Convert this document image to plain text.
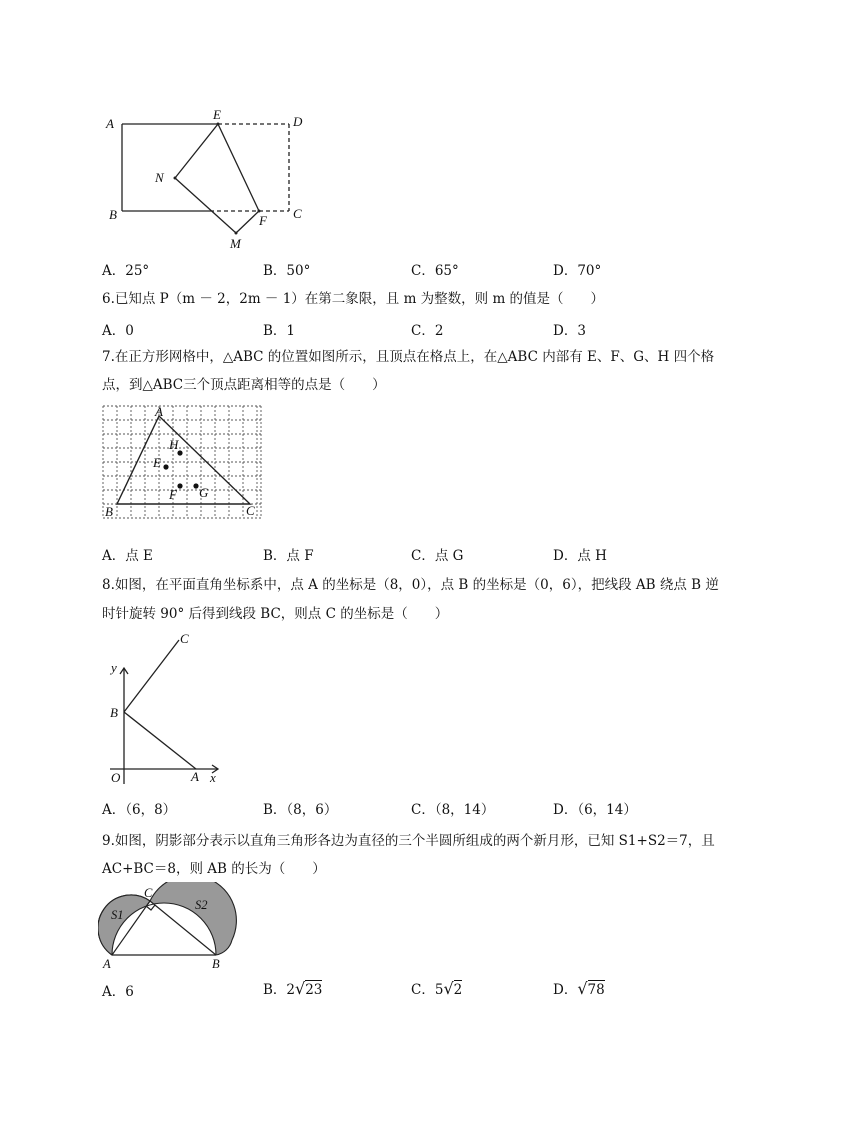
A
E	D
N
B	F C
M
A．25°	B．50°	C．65°	D．70°
6.已知点 P（m － 2，2m － 1）在第二象限，且 m 为整数，则 m 的值是（　　）
A．0	B．1	C．2	D．3
7.在正方形网格中，△ABC 的位置如图所示，且顶点在格点上，在△ABC 内部有 E、F、G、H 四个格
点，到△ABC三个顶点距离相等的点是（　　）
A
H
E
F G
B	C
A．点 E	B．点 F	C．点 G	D．点 H
8.如图，在平面直角坐标系中，点 A 的坐标是（8，0），点 B 的坐标是（0，6），把线段 AB 绕点 B 逆
时针旋转 90° 后得到线段 BC，则点 C 的坐标是（　　）
C
y
B
O	A x
A．（6，8）	B．（8，6）	C．（8，14）	D．（6，14）
9.如图，阴影部分表示以直角三角形各边为直径的三个半圆所组成的两个新月形，已知 S1+S2＝7，且
AC+BC＝8，则 AB 的长为（　　）
C
S1
S2
A	B
A．6	B．2√23	C．5√2	D．√78
